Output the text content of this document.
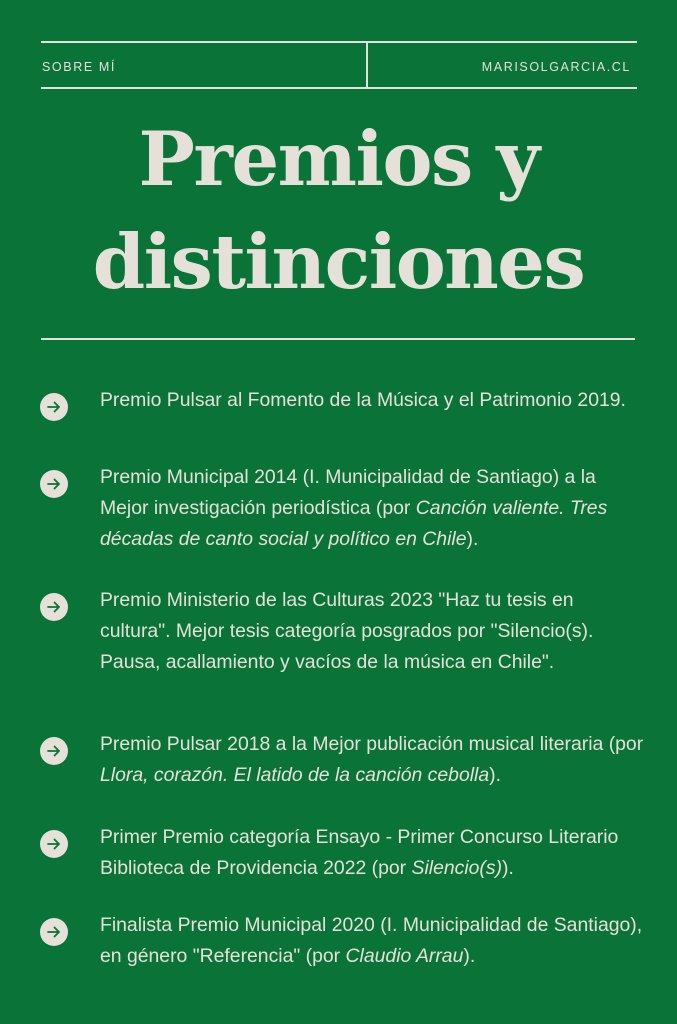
SOBRE MÍ	MARISOLGARCIA.CL
Premios y
distinciones
Premio Pulsar al Fomento de la Música y el Patrimonio 2019.
Premio Municipal 2014 (I. Municipalidad de Santiago) a la Mejor investigación periodística (por Canción valiente. Tres décadas de canto social y político en Chile).
Premio Ministerio de las Culturas 2023 "Haz tu tesis en cultura". Mejor tesis categoría posgrados por "Silencio(s). Pausa, acallamiento y vacíos de la música en Chile".
Premio Pulsar 2018 a la Mejor publicación musical literaria (por Llora, corazón. El latido de la canción cebolla).
Primer Premio categoría Ensayo - Primer Concurso Literario Biblioteca de Providencia 2022 (por Silencio(s)).
Finalista Premio Municipal 2020 (I. Municipalidad de Santiago), en género "Referencia" (por Claudio Arrau).
